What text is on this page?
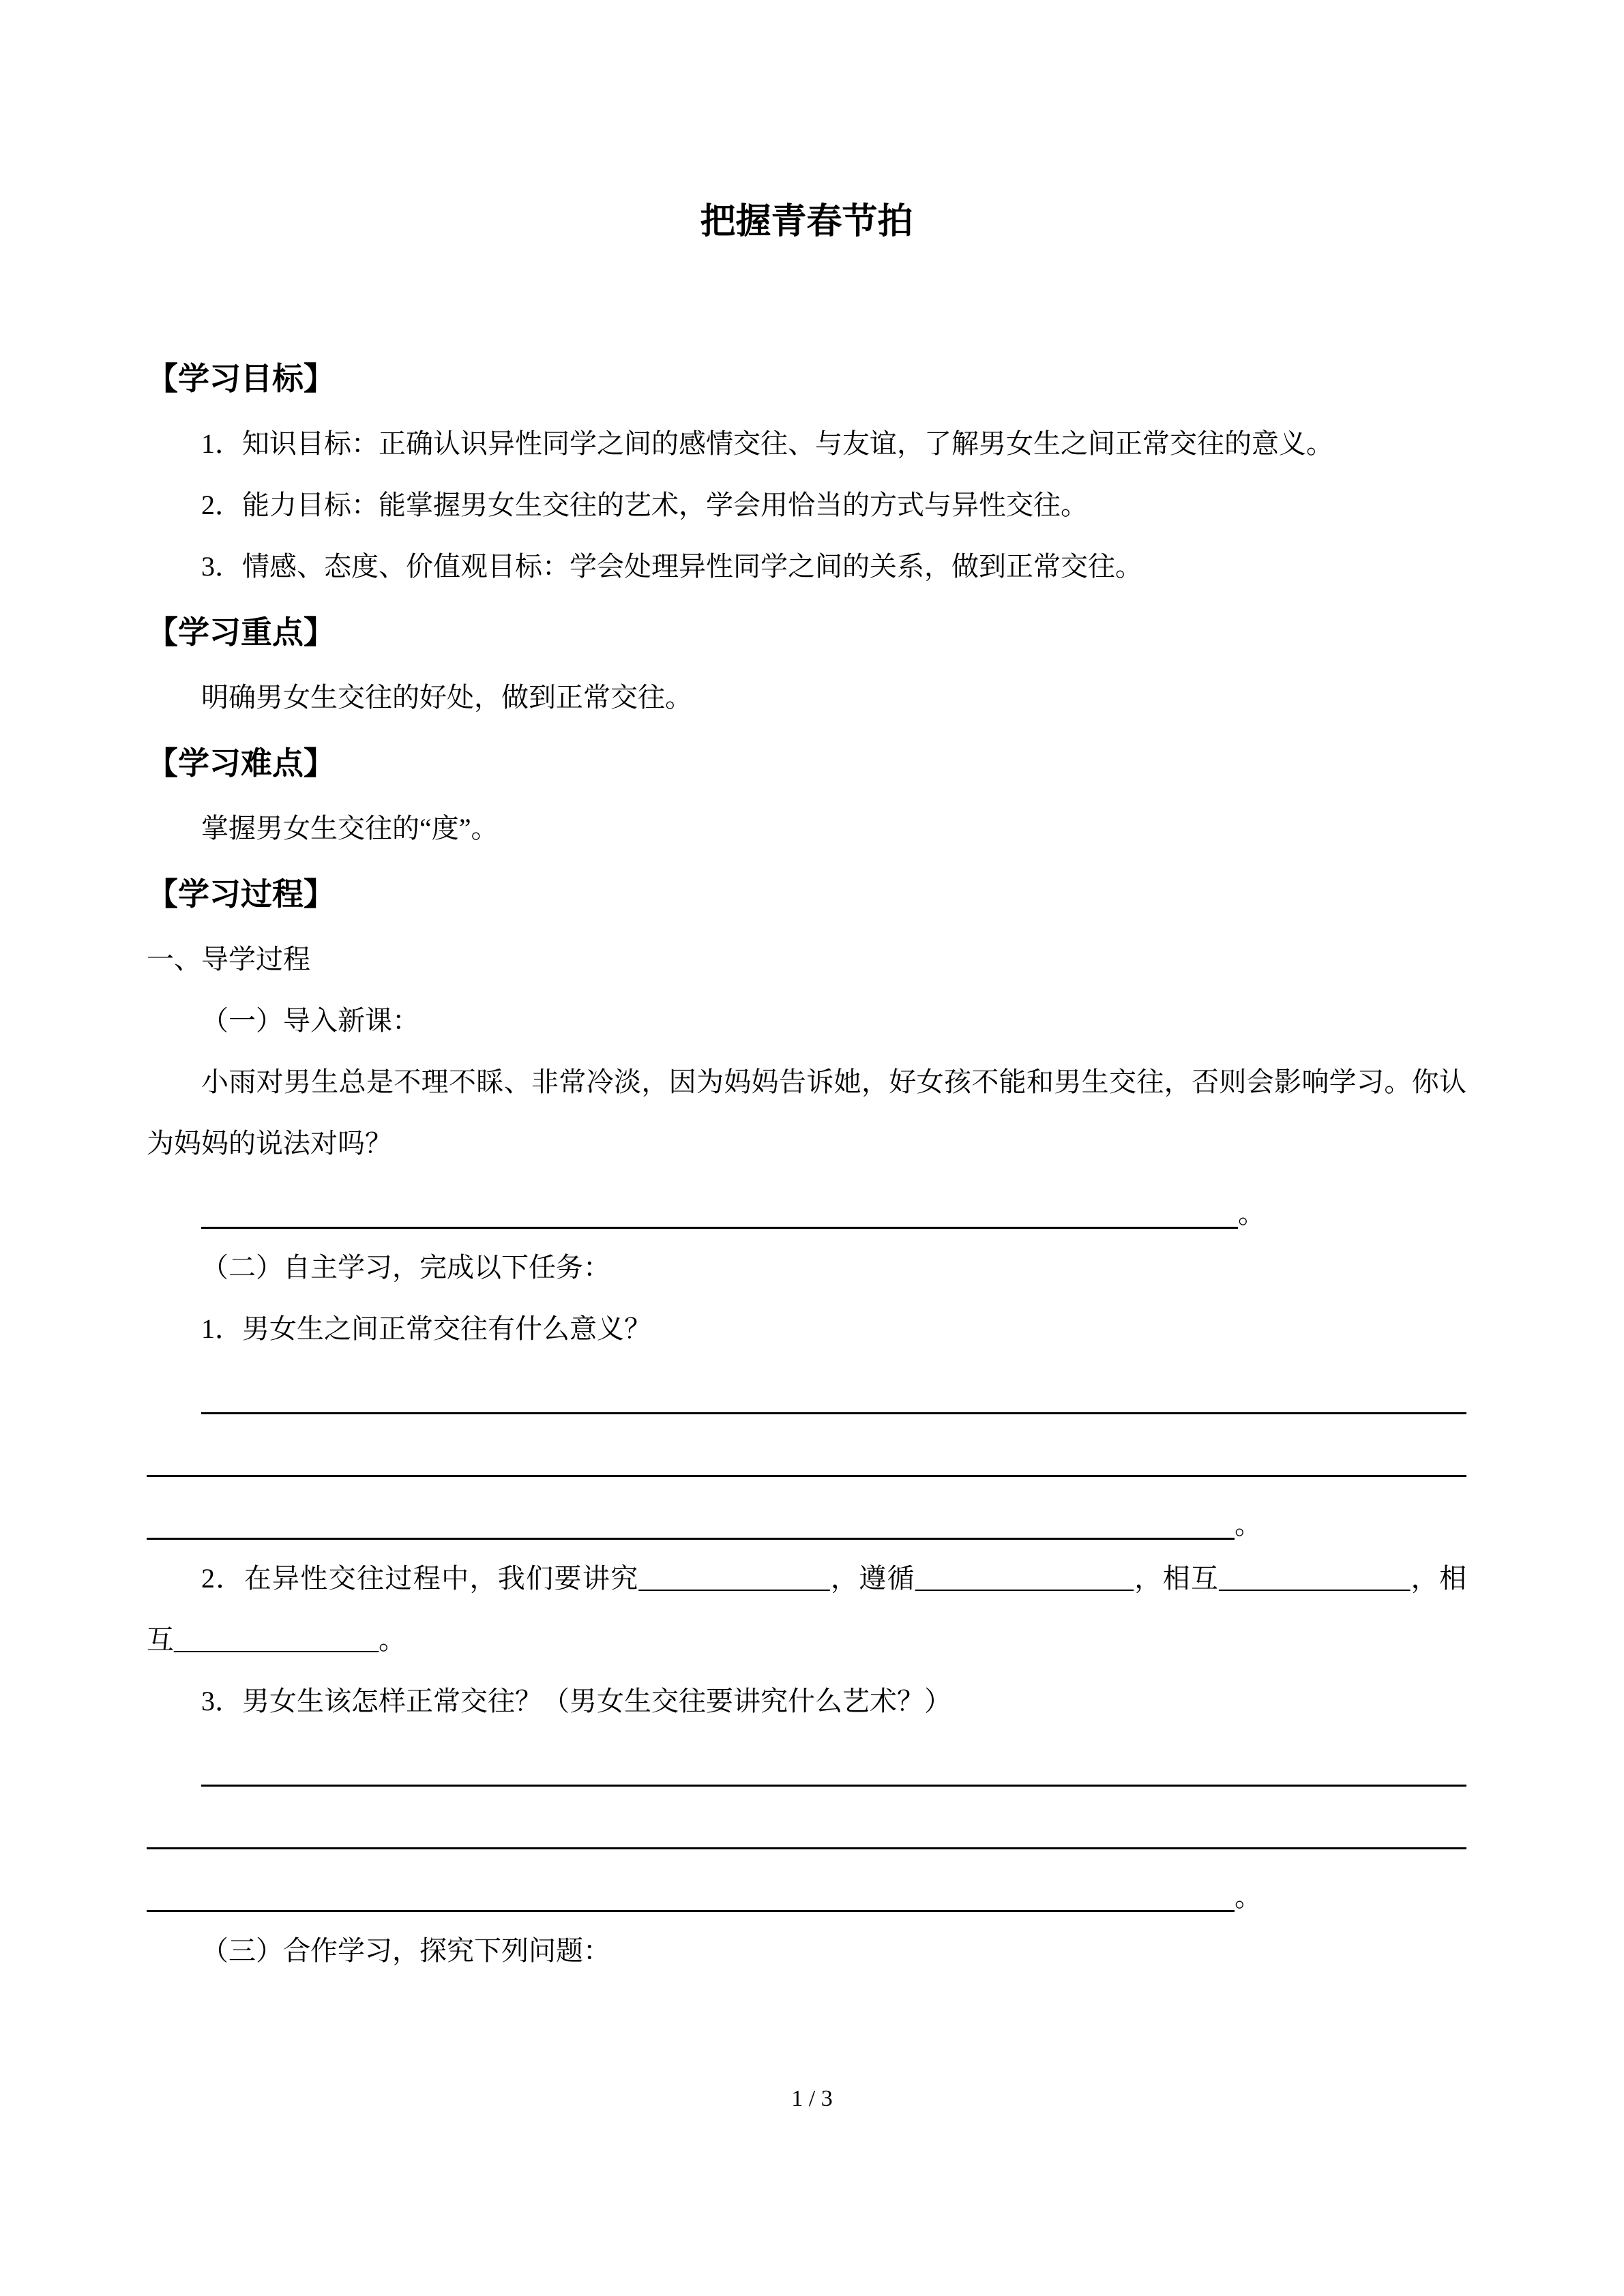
把握青春节拍
【学习目标】

1．知识目标：正确认识异性同学之间的感情交往、与友谊，了解男女生之间正常交往的意义。

2．能力目标：能掌握男女生交往的艺术，学会用恰当的方式与异性交往。

3．情感、态度、价值观目标：学会处理异性同学之间的关系，做到正常交往。

【学习重点】

明确男女生交往的好处，做到正常交往。

【学习难点】

掌握男女生交往的“度”。

【学习过程】

一、导学过程

（一）导入新课：

小雨对男生总是不理不睬、非常冷淡，因为妈妈告诉她，好女孩不能和男生交往，否则会影响学习。你认为妈妈的说法对吗？

。

（二）自主学习，完成以下任务：

1．男女生之间正常交往有什么意义？

。

2．在异性交往过程中，我们要讲究______________，遵循________________，相互______________，相互_______________。

3．男女生该怎样正常交往？（男女生交往要讲究什么艺术？）

。

（三）合作学习，探究下列问题：

1 / 3
